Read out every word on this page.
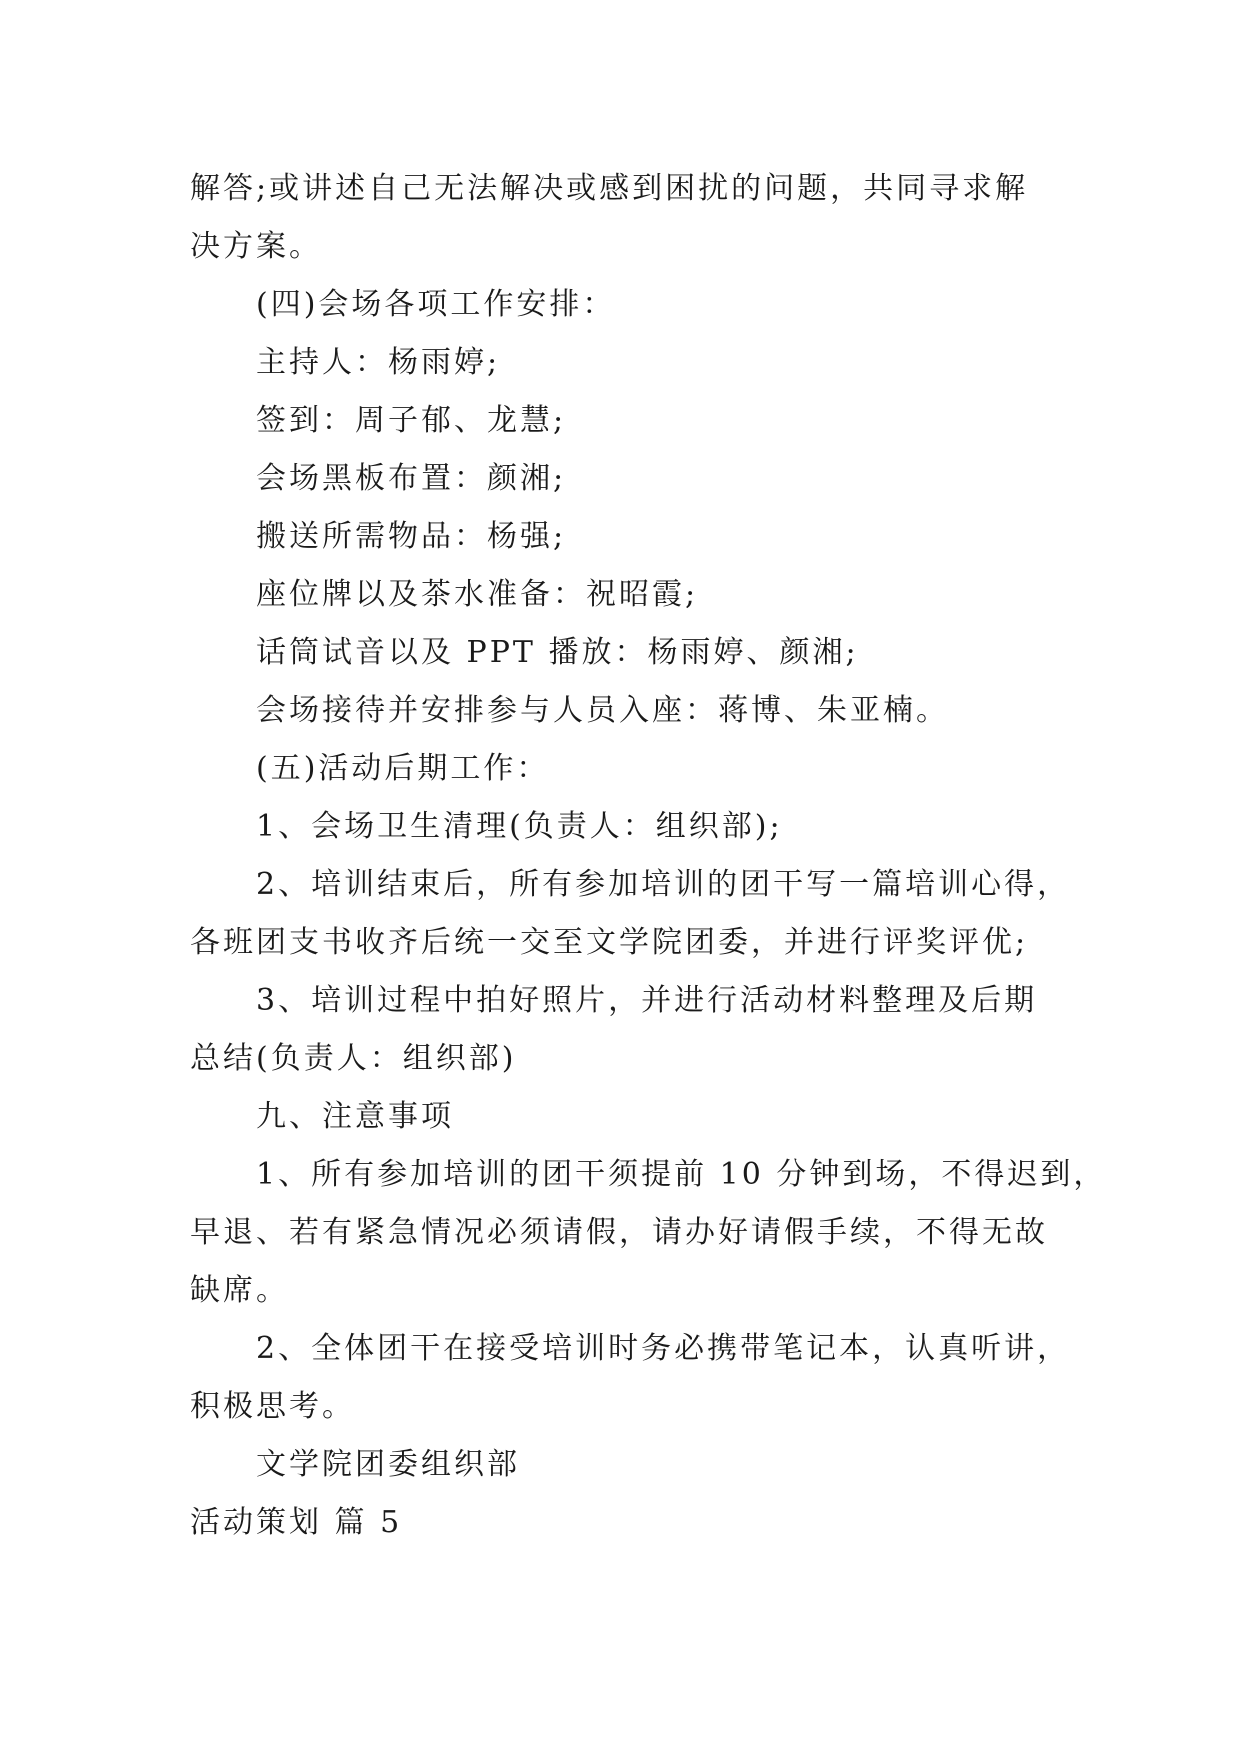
解答;或讲述自己无法解决或感到困扰的问题，共同寻求解
决方案。
(四)会场各项工作安排：
主持人：杨雨婷;
签到：周子郁、龙慧;
会场黑板布置：颜湘;
搬送所需物品：杨强;
座位牌以及茶水准备：祝昭霞;
话筒试音以及 PPT 播放：杨雨婷、颜湘;
会场接待并安排参与人员入座：蒋博、朱亚楠。
(五)活动后期工作：
1、会场卫生清理(负责人：组织部);
2、培训结束后，所有参加培训的团干写一篇培训心得，
各班团支书收齐后统一交至文学院团委，并进行评奖评优;
3、培训过程中拍好照片，并进行活动材料整理及后期
总结(负责人：组织部)
九、注意事项
1、所有参加培训的团干须提前 10 分钟到场，不得迟到，
早退、若有紧急情况必须请假，请办好请假手续，不得无故
缺席。
2、全体团干在接受培训时务必携带笔记本，认真听讲，
积极思考。
文学院团委组织部
活动策划 篇 5
